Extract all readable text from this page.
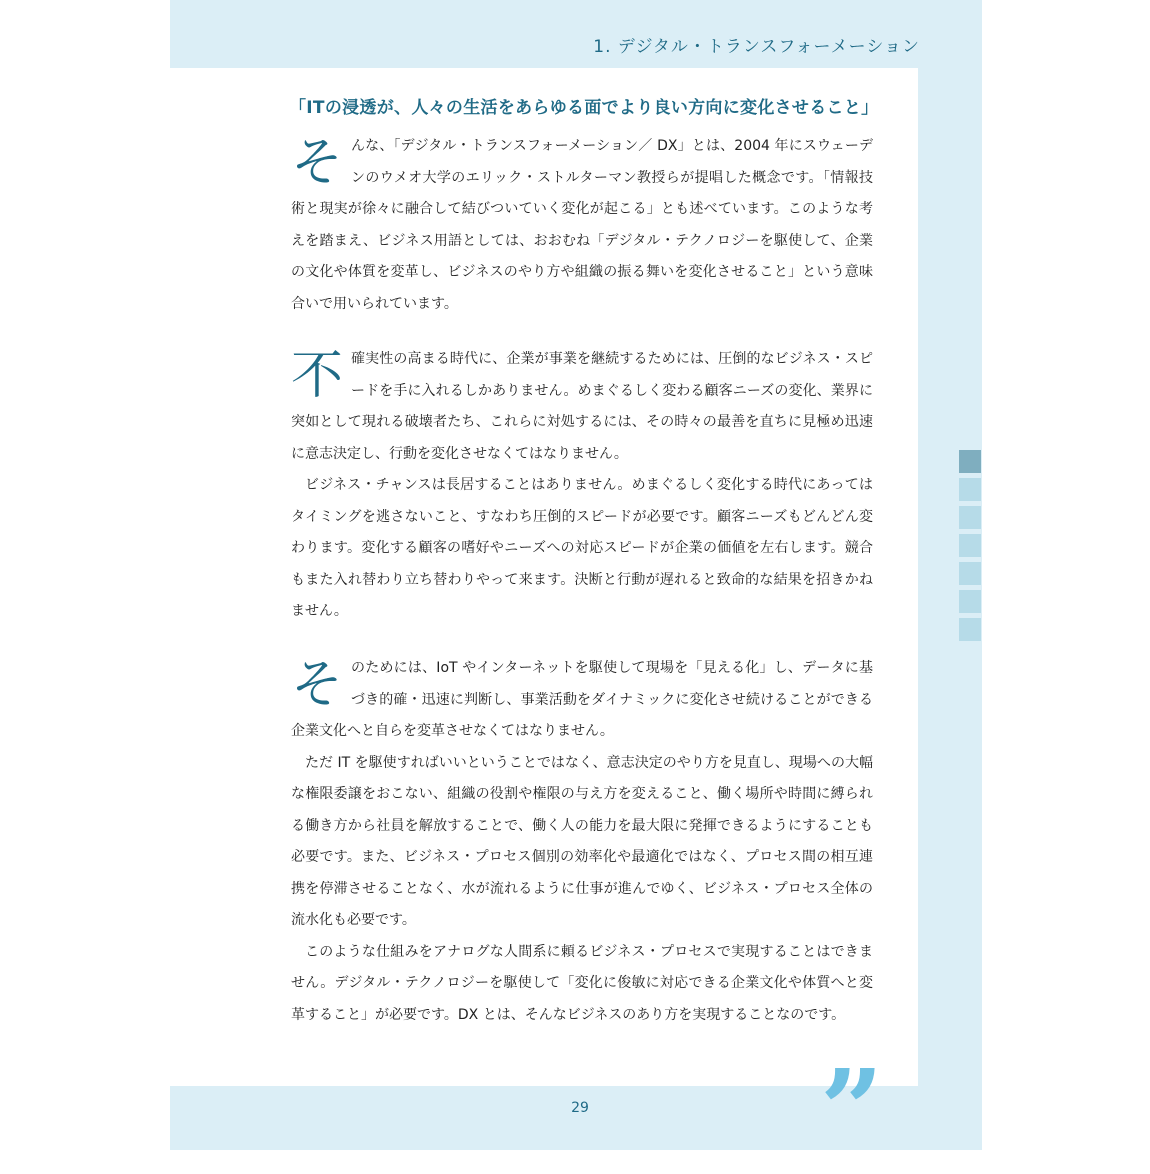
1. デジタル・トランスフォーメーション
「ITの浸透が、人々の生活をあらゆる面でより良い方向に変化させること」
そ んな、「デジタル・トランスフォーメーション／ DX」とは、2004 年にスウェーデンのウメオ大学のエリック・ストルターマン教授らが提唱した概念です。「情報技術と現実が徐々に融合して結びついていく変化が起こる」とも述べています。このような考えを踏まえ、ビジネス用語としては、おおむね「デジタル・テクノロジーを駆使して、企業の文化や体質を変革し、ビジネスのやり方や組織の振る舞いを変化させること」という意味合いで用いられています。

不 確実性の高まる時代に、企業が事業を継続するためには、圧倒的なビジネス・スピードを手に入れるしかありません。めまぐるしく変わる顧客ニーズの変化、業界に突如として現れる破壊者たち、これらに対処するには、その時々の最善を直ちに見極め迅速に意志決定し、行動を変化させなくてはなりません。

ビジネス・チャンスは長居することはありません。めまぐるしく変化する時代にあってはタイミングを逃さないこと、すなわち圧倒的スピードが必要です。顧客ニーズもどんどん変わります。変化する顧客の嗜好やニーズへの対応スピードが企業の価値を左右します。競合もまた入れ替わり立ち替わりやって来ます。決断と行動が遅れると致命的な結果を招きかねません。

そ のためには、IoT やインターネットを駆使して現場を「見える化」し、データに基づき的確・迅速に判断し、事業活動をダイナミックに変化させ続けることができる企業文化へと自らを変革させなくてはなりません。

ただ IT を駆使すればいいということではなく、意志決定のやり方を見直し、現場への大幅な権限委譲をおこない、組織の役割や権限の与え方を変えること、働く場所や時間に縛られる働き方から社員を解放することで、働く人の能力を最大限に発揮できるようにすることも必要です。また、ビジネス・プロセス個別の効率化や最適化ではなく、プロセス間の相互連携を停滞させることなく、水が流れるように仕事が進んでゆく、ビジネス・プロセス全体の流水化も必要です。

このような仕組みをアナログな人間系に頼るビジネス・プロセスで実現することはできません。デジタル・テクノロジーを駆使して「変化に俊敏に対応できる企業文化や体質へと変革すること」が必要です。DX とは、そんなビジネスのあり方を実現することなのです。

29 ”
